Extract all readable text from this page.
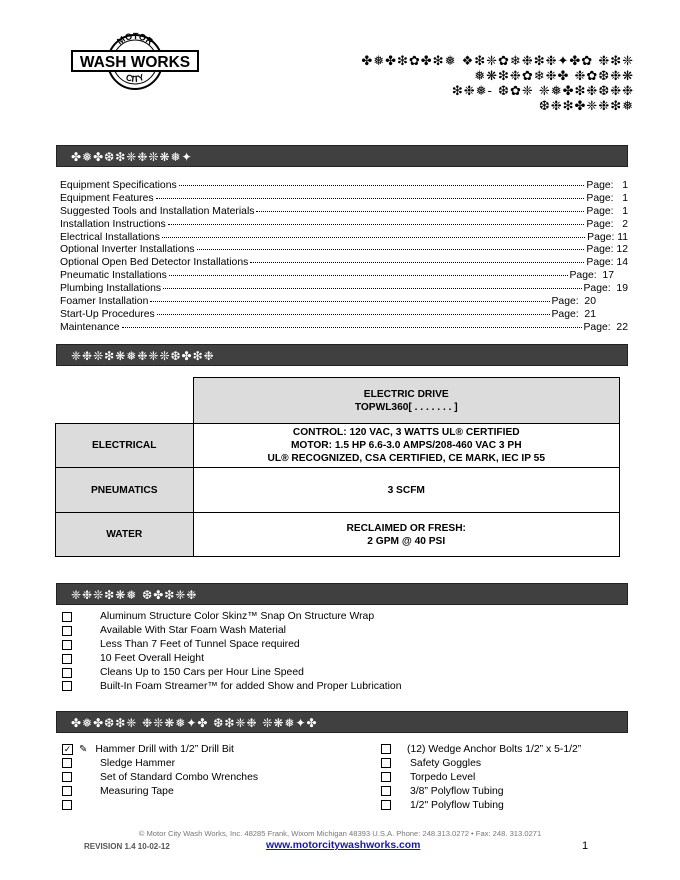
MOTOR
CITY
WASH WORKS	✤❅✤❇✿✤❇❅ ❖❇❈✿❄❉❇❉✦✤✿ ❉❇❈
❅❋❇❉✿❄❉✤ ❉✿❆❉❋
❇❉❅- ❆✿❈ ❈❅✤❇❉❆❉❉
❆❉❇✤❈❉❇❅
✤❅✤❆❇❈❉❊❋❅✦
Equipment Specifications	Page:   1
Equipment Features	Page:   1
Suggested Tools and Installation Materials	Page:   1
Installation Instructions	Page:   2
Electrical Installations	Page: 11
Optional Inverter Installations	Page: 12
Optional Open Bed Detector Installations	Page: 14
Pneumatic Installations	Page:  17
Plumbing Installations	Page:  19
Foamer Installation	Page:  20
Start-Up Procedures	Page:  21
Maintenance	Page:  22
❈❉❊❇❋❅❉❈❊❆✤❇❉

	ELECTRIC DRIVE
TOPWL360[ . . . . . . . ]

ELECTRICAL	CONTROL: 120 VAC, 3 WATTS UL® CERTIFIED
MOTOR: 1.5 HP 6.6-3.0 AMPS/208-460 VAC 3 PH
UL® RECOGNIZED, CSA CERTIFIED, CE MARK, IEC IP 55

PNEUMATICS	3 SCFM

WATER	RECLAIMED OR FRESH:
2 GPM @ 40 PSI
❈❉❊❇❋❅ ❆✤❇❈❉
Aluminum Structure Color Skinz™ Snap On Structure Wrap
Available With Star Foam Wash Material
Less Than 7 Feet of Tunnel Space required
10 Feet Overall Height
Cleans Up to 150 Cars per Hour Line Speed
Built-In Foam Streamer™ for added Show and Proper Lubrication
✤❅✤❆❇❈ ❉❊❋❅✦✤ ❆❇❈❉ ❊❋❅✦✤
✓ ✎ Hammer Drill with 1/2” Drill Bit
Sledge Hammer
Set of Standard Combo Wrenches
Measuring Tape
(12) Wedge Anchor Bolts 1/2” x 5-1/2”
Safety Goggles
Torpedo Level
3/8” Polyflow Tubing
1/2" Polyflow Tubing
© Motor City Wash Works, Inc. 48285 Frank, Wixom Michigan 48393 U.S.A. Phone: 248.313.0272 • Fax: 248. 313.0271
REVISION 1.4 10-02-12	www.motorcitywashworks.com	1
